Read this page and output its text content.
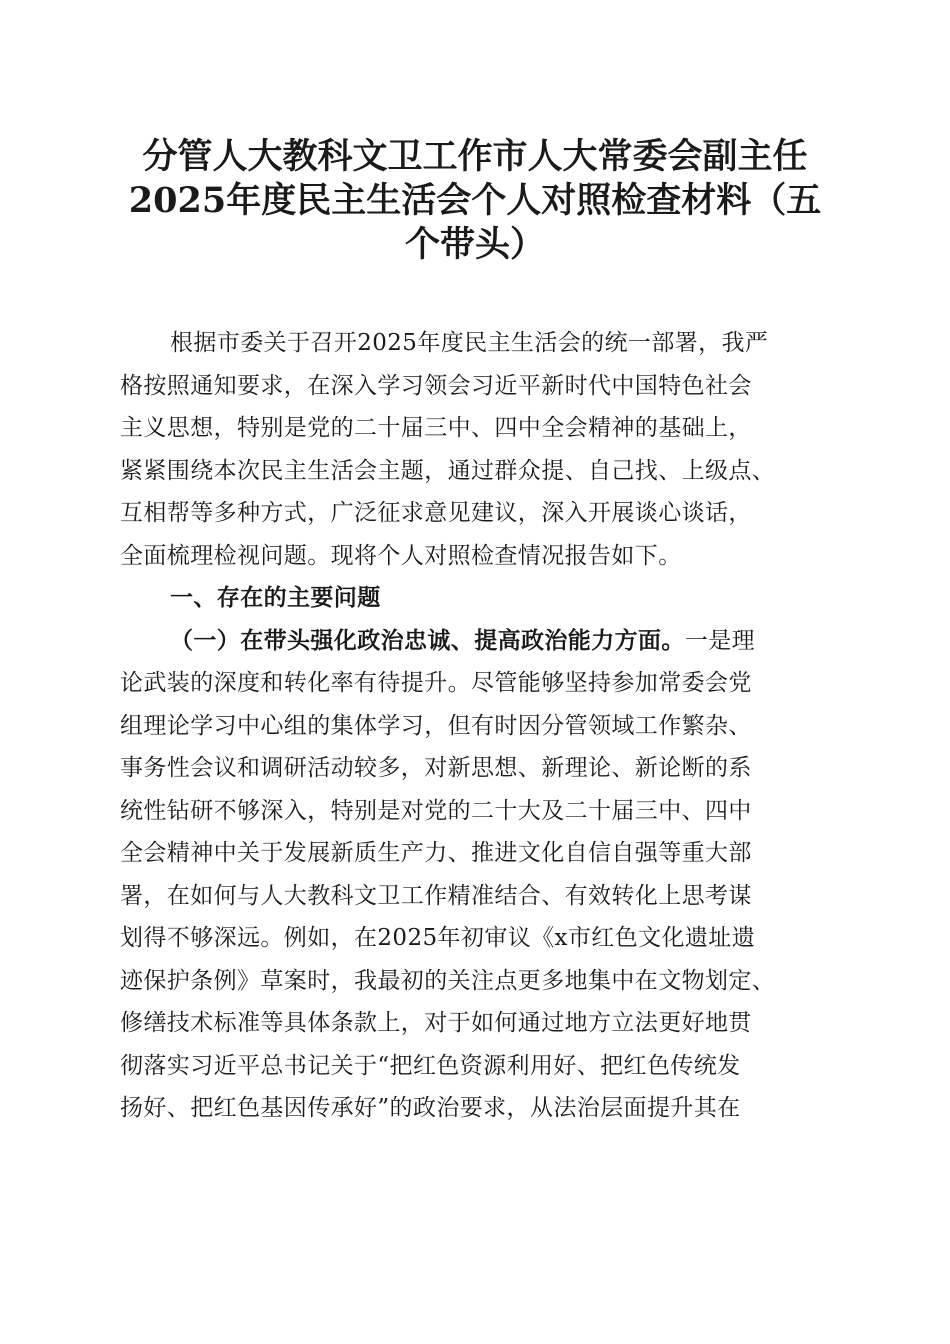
分管人大教科文卫工作市人大常委会副主任
2025年度民主生活会个人对照检查材料（五
个带头）
根据市委关于召开2025年度民主生活会的统一部署，我严
格按照通知要求，在深入学习领会习近平新时代中国特色社会
主义思想，特别是党的二十届三中、四中全会精神的基础上，
紧紧围绕本次民主生活会主题，通过群众提、自己找、上级点、
互相帮等多种方式，广泛征求意见建议，深入开展谈心谈话，
全面梳理检视问题。现将个人对照检查情况报告如下。
一、存在的主要问题
（一）在带头强化政治忠诚、提高政治能力方面。一是理
论武装的深度和转化率有待提升。尽管能够坚持参加常委会党
组理论学习中心组的集体学习，但有时因分管领域工作繁杂、
事务性会议和调研活动较多，对新思想、新理论、新论断的系
统性钻研不够深入，特别是对党的二十大及二十届三中、四中
全会精神中关于发展新质生产力、推进文化自信自强等重大部
署，在如何与人大教科文卫工作精准结合、有效转化上思考谋
划得不够深远。例如，在2025年初审议《x市红色文化遗址遗
迹保护条例》草案时，我最初的关注点更多地集中在文物划定、
修缮技术标准等具体条款上，对于如何通过地方立法更好地贯
彻落实习近平总书记关于“把红色资源利用好、把红色传统发
扬好、把红色基因传承好”的政治要求，从法治层面提升其在
